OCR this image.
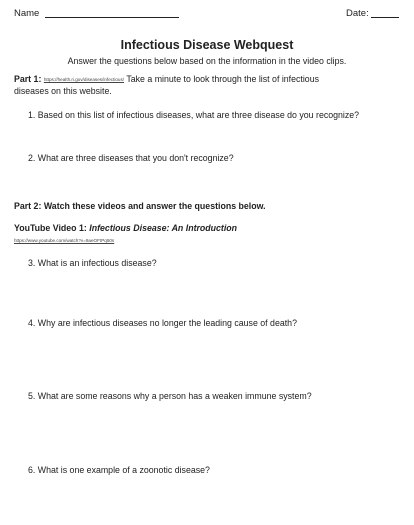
Name	Date:
Infectious Disease Webquest
Answer the questions below based on the information in the video clips.
Part 1: https://health.ri.gov/diseases/infectious/ Take a minute to look through the list of infectious
diseases on this website.
1. Based on this list of infectious diseases, what are three disease do you recognize?
2. What are three diseases that you don't recognize?
Part 2: Watch these videos and answer the questions below.
YouTube Video 1: Infectious Disease: An Introduction
https://www.youtube.com/watch?v=9aeOFtPq50s
3. What is an infectious disease?
4. Why are infectious diseases no longer the leading cause of death?
5. What are some reasons why a person has a weaken immune system?
6. What is one example of a zoonotic disease?
